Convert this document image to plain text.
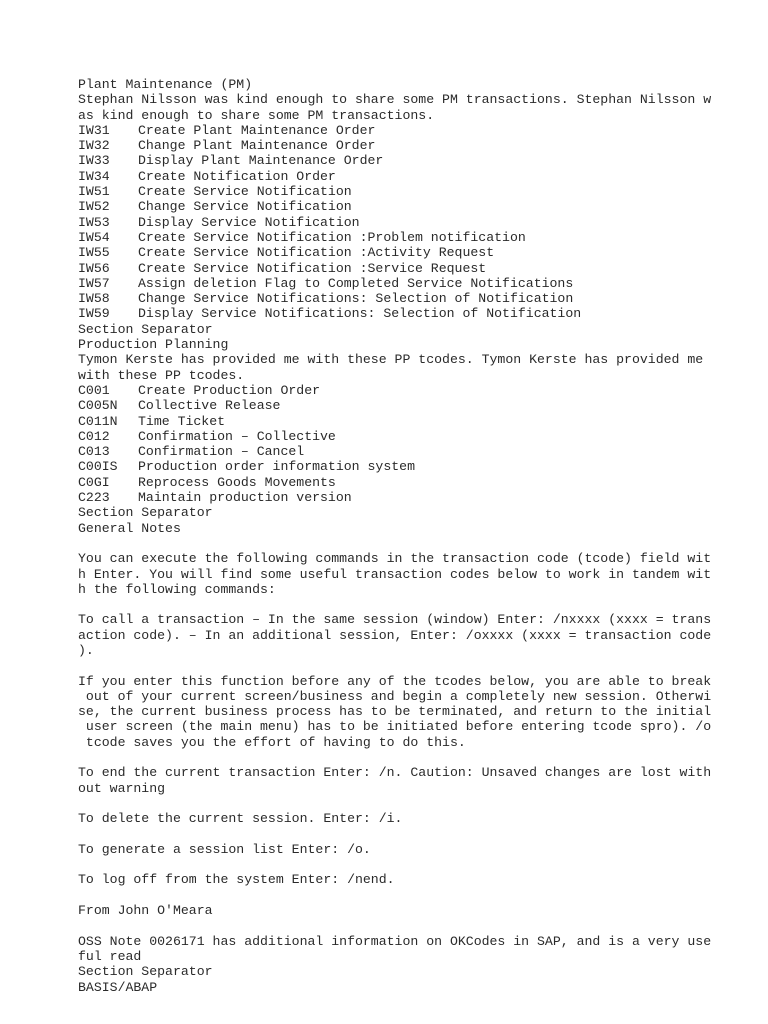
Plant Maintenance (PM)
Stephan Nilsson was kind enough to share some PM transactions. Stephan Nilsson w
as kind enough to share some PM transactions.
IW31	Create Plant Maintenance Order
IW32	Change Plant Maintenance Order
IW33	Display Plant Maintenance Order
IW34	Create Notification Order
IW51	Create Service Notification
IW52	Change Service Notification
IW53	Display Service Notification
IW54	Create Service Notification :Problem notification
IW55	Create Service Notification :Activity Request
IW56	Create Service Notification :Service Request
IW57	Assign deletion Flag to Completed Service Notifications
IW58	Change Service Notifications: Selection of Notification
IW59	Display Service Notifications: Selection of Notification
Section Separator
Production Planning
Tymon Kerste has provided me with these PP tcodes. Tymon Kerste has provided me
with these PP tcodes.
C001	Create Production Order
C005N	Collective Release
C011N	Time Ticket
C012	Confirmation – Collective
C013	Confirmation – Cancel
C00IS	Production order information system
C0GI	Reprocess Goods Movements
C223	Maintain production version
Section Separator
General Notes
You can execute the following commands in the transaction code (tcode) field wit
h Enter. You will find some useful transaction codes below to work in tandem wit
h the following commands:
To call a transaction – In the same session (window) Enter: /nxxxx (xxxx = trans
action code). – In an additional session, Enter: /oxxxx (xxxx = transaction code
).
If you enter this function before any of the tcodes below, you are able to break
out of your current screen/business and begin a completely new session. Otherwi
se, the current business process has to be terminated, and return to the initial
user screen (the main menu) has to be initiated before entering tcode spro). /o
tcode saves you the effort of having to do this.
To end the current transaction Enter: /n. Caution: Unsaved changes are lost with
out warning
To delete the current session. Enter: /i.
To generate a session list Enter: /o.
To log off from the system Enter: /nend.
From John O'Meara
OSS Note 0026171 has additional information on OKCodes in SAP, and is a very use
ful read
Section Separator
BASIS/ABAP
